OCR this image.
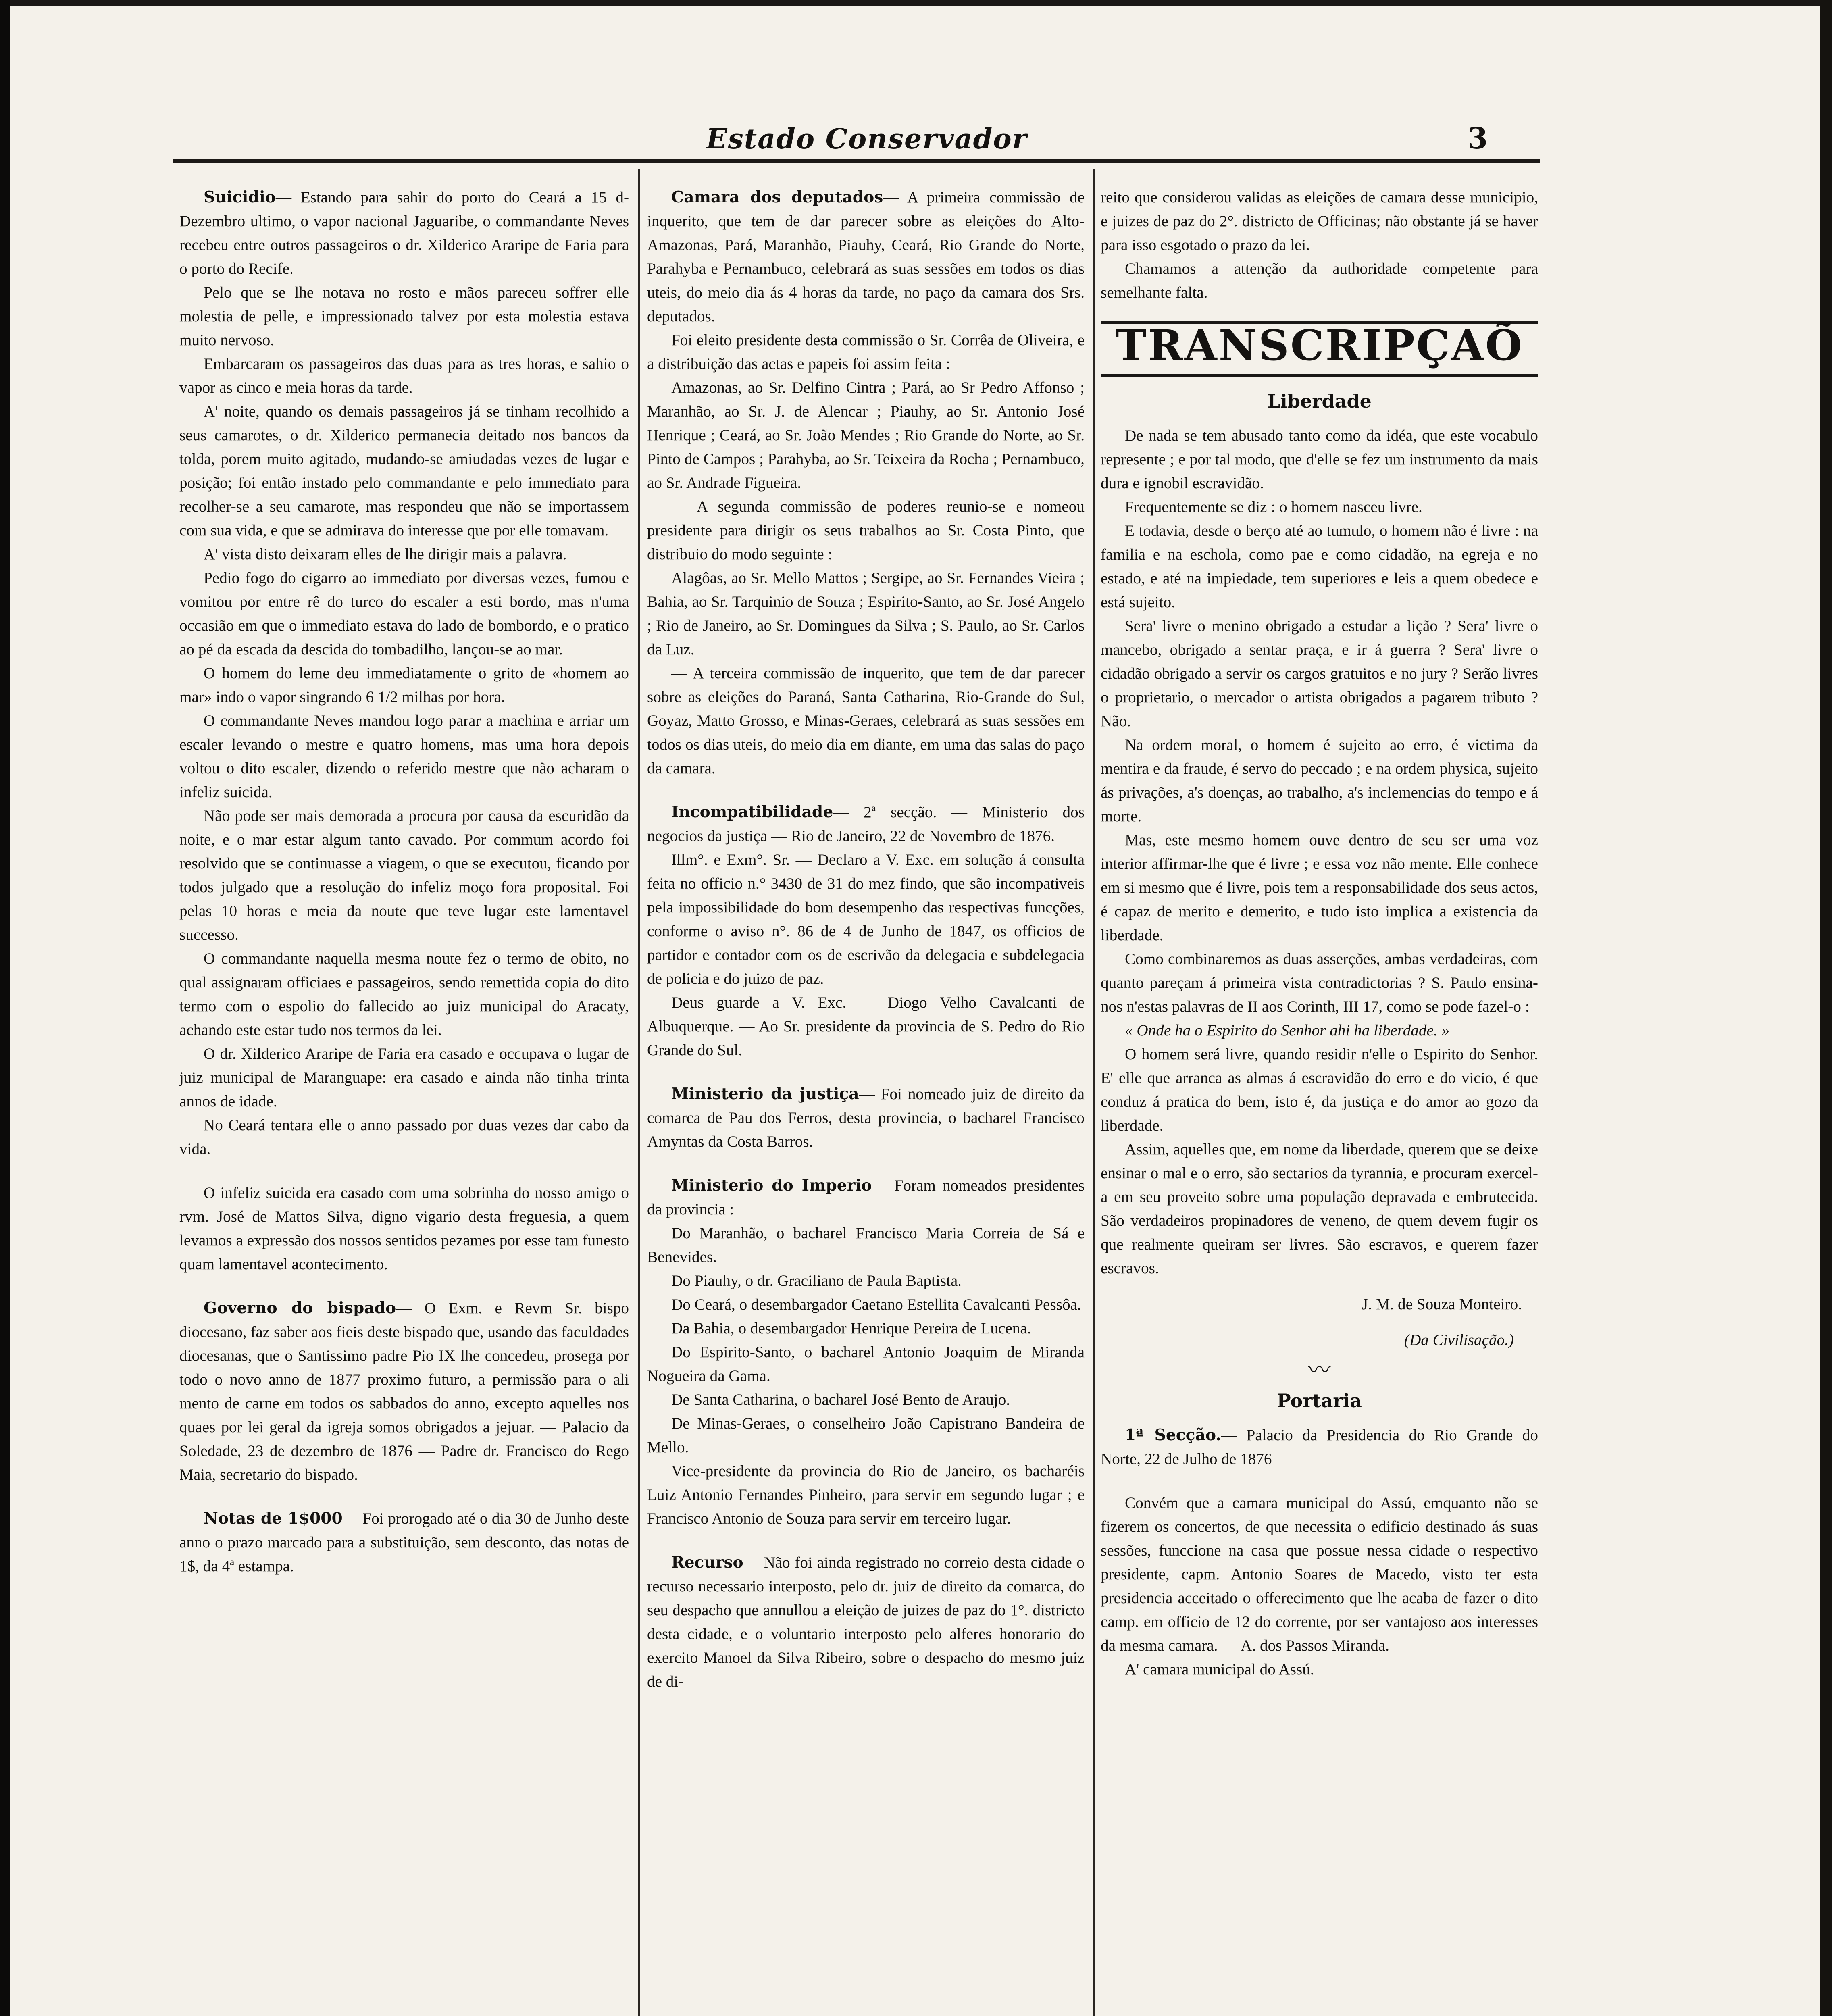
Estado Conservador	3

Suicidio— Estando para sahir do porto do Ceará a 15 d- Dezembro ultimo, o vapor nacional Jaguaribe, o commandante Neves recebeu entre outros passageiros o dr. Xilderico Araripe de Faria para o porto do Recife.

Pelo que se lhe notava no rosto e mãos pareceu soffrer elle molestia de pelle, e impressionado talvez por esta molestia estava muito nervoso.

Embarcaram os passageiros das duas para as tres horas, e sahio o vapor as cinco e meia horas da tarde.

A' noite, quando os demais passageiros já se tinham recolhido a seus camarotes, o dr. Xilderico permanecia deitado nos bancos da tolda, porem muito agitado, mudando-se amiudadas vezes de lugar e posição; foi então instado pelo commandante e pelo immediato para recolher-se a seu camarote, mas respondeu que não se importassem com sua vida, e que se admirava do interesse que por elle tomavam.

A' vista disto deixaram elles de lhe dirigir mais a palavra.

Pedio fogo do cigarro ao immediato por diversas vezes, fumou e vomitou por entre rê do turco do escaler a esti bordo, mas n'uma occasião em que o immediato estava do lado de bombordo, e o pratico ao pé da escada da descida do tombadilho, lançou-se ao mar.

O homem do leme deu immediatamente o grito de «homem ao mar» indo o vapor singrando 6 1/2 milhas por hora.

O commandante Neves mandou logo parar a machina e arriar um escaler levando o mestre e quatro homens, mas uma hora depois voltou o dito escaler, dizendo o referido mestre que não acharam o infeliz suicida.

Não pode ser mais demorada a procura por causa da escuridão da noite, e o mar estar algum tanto cavado. Por commum acordo foi resolvido que se continuasse a viagem, o que se executou, ficando por todos julgado que a resolução do infeliz moço fora proposital. Foi pelas 10 horas e meia da noute que teve lugar este lamentavel successo.

O commandante naquella mesma noute fez o termo de obito, no qual assignaram officiaes e passageiros, sendo remettida copia do dito termo com o espolio do fallecido ao juiz municipal do Aracaty, achando este estar tudo nos termos da lei.

O dr. Xilderico Araripe de Faria era casado e occupava o lugar de juiz municipal de Maranguape: era casado e ainda não tinha trinta annos de idade.

No Ceará tentara elle o anno passado por duas vezes dar cabo da vida.

O infeliz suicida era casado com uma sobrinha do nosso amigo o rvm. José de Mattos Silva, digno vigario desta freguesia, a quem levamos a expressão dos nossos sentidos pezames por esse tam funesto quam lamentavel acontecimento.

Governo do bispado— O Exm. e Revm Sr. bispo diocesano, faz saber aos fieis deste bispado que, usando das faculdades diocesanas, que o Santissimo padre Pio IX lhe concedeu, prosega por todo o novo anno de 1877 proximo futuro, a permissão para o ali mento de carne em todos os sabbados do anno, excepto aquelles nos quaes por lei geral da igreja somos obrigados a jejuar. — Palacio da Soledade, 23 de dezembro de 1876 — Padre dr. Francisco do Rego Maia, secretario do bispado.

Notas de 1$000— Foi prorogado até o dia 30 de Junho deste anno o prazo marcado para a substituição, sem desconto, das notas de 1$, da 4ª estampa.

Camara dos deputados— A primeira commissão de inquerito, que tem de dar parecer sobre as eleições do Alto-Amazonas, Pará, Maranhão, Piauhy, Ceará, Rio Grande do Norte, Parahyba e Pernambuco, celebrará as suas sessões em todos os dias uteis, do meio dia ás 4 horas da tarde, no paço da camara dos Srs. deputados.

Foi eleito presidente desta commissão o Sr. Corrêa de Oliveira, e a distribuição das actas e papeis foi assim feita :

Amazonas, ao Sr. Delfino Cintra ; Pará, ao Sr Pedro Affonso ; Maranhão, ao Sr. J. de Alencar ; Piauhy, ao Sr. Antonio José Henrique ; Ceará, ao Sr. João Mendes ; Rio Grande do Norte, ao Sr. Pinto de Campos ; Parahyba, ao Sr. Teixeira da Rocha ; Pernambuco, ao Sr. Andrade Figueira.

— A segunda commissão de poderes reunio-se e nomeou presidente para dirigir os seus trabalhos ao Sr. Costa Pinto, que distribuio do modo seguinte :

Alagôas, ao Sr. Mello Mattos ; Sergipe, ao Sr. Fernandes Vieira ; Bahia, ao Sr. Tarquinio de Souza ; Espirito-Santo, ao Sr. José Angelo ; Rio de Janeiro, ao Sr. Domingues da Silva ; S. Paulo, ao Sr. Carlos da Luz.

— A terceira commissão de inquerito, que tem de dar parecer sobre as eleições do Paraná, Santa Catharina, Rio-Grande do Sul, Goyaz, Matto Grosso, e Minas-Geraes, celebrará as suas sessões em todos os dias uteis, do meio dia em diante, em uma das salas do paço da camara.

Incompatibilidade— 2ª secção. — Ministerio dos negocios da justiça — Rio de Janeiro, 22 de Novembro de 1876.

Illm°. e Exm°. Sr. — Declaro a V. Exc. em solução á consulta feita no officio n.° 3430 de 31 do mez findo, que são incompativeis pela impossibilidade do bom desempenho das respectivas funcções, conforme o aviso n°. 86 de 4 de Junho de 1847, os officios de partidor e contador com os de escrivão da delegacia e subdelegacia de policia e do juizo de paz.

Deus guarde a V. Exc. — Diogo Velho Cavalcanti de Albuquerque. — Ao Sr. presidente da provincia de S. Pedro do Rio Grande do Sul.

Ministerio da justiça— Foi nomeado juiz de direito da comarca de Pau dos Ferros, desta provincia, o bacharel Francisco Amyntas da Costa Barros.

Ministerio do Imperio— Foram nomeados presidentes da provincia :

Do Maranhão, o bacharel Francisco Maria Correia de Sá e Benevides.

Do Piauhy, o dr. Graciliano de Paula Baptista.

Do Ceará, o desembargador Caetano Estellita Cavalcanti Pessôa.

Da Bahia, o desembargador Henrique Pereira de Lucena.

Do Espirito-Santo, o bacharel Antonio Joaquim de Miranda Nogueira da Gama.

De Santa Catharina, o bacharel José Bento de Araujo.

De Minas-Geraes, o conselheiro João Capistrano Bandeira de Mello.

Vice-presidente da provincia do Rio de Janeiro, os bacharéis Luiz Antonio Fernandes Pinheiro, para servir em segundo lugar ; e Francisco Antonio de Souza para servir em terceiro lugar.

Recurso— Não foi ainda registrado no correio desta cidade o recurso necessario interposto, pelo dr. juiz de direito da comarca, do seu despacho que annullou a eleição de juizes de paz do 1°. districto desta cidade, e o voluntario interposto pelo alferes honorario do exercito Manoel da Silva Ribeiro, sobre o despacho do mesmo juiz de di-

reito que considerou validas as eleições de camara desse municipio, e juizes de paz do 2°. districto de Officinas; não obstante já se haver para isso esgotado o prazo da lei.

Chamamos a attenção da authoridade competente para semelhante falta.

TRANSCRIPÇAÕ
Liberdade

De nada se tem abusado tanto como da idéa, que este vocabulo represente ; e por tal modo, que d'elle se fez um instrumento da mais dura e ignobil escravidão.

Frequentemente se diz : o homem nasceu livre.

E todavia, desde o berço até ao tumulo, o homem não é livre : na familia e na eschola, como pae e como cidadão, na egreja e no estado, e até na impiedade, tem superiores e leis a quem obedece e está sujeito.

Sera' livre o menino obrigado a estudar a lição ? Sera' livre o mancebo, obrigado a sentar praça, e ir á guerra ? Sera' livre o cidadão obrigado a servir os cargos gratuitos e no jury ? Serão livres o proprietario, o mercador o artista obrigados a pagarem tributo ? Não.

Na ordem moral, o homem é sujeito ao erro, é victima da mentira e da fraude, é servo do peccado ; e na ordem physica, sujeito ás privações, a's doenças, ao trabalho, a's inclemencias do tempo e á morte.

Mas, este mesmo homem ouve dentro de seu ser uma voz interior affirmar-lhe que é livre ; e essa voz não mente. Elle conhece em si mesmo que é livre, pois tem a responsabilidade dos seus actos, é capaz de merito e demerito, e tudo isto implica a existencia da liberdade.

Como combinaremos as duas asserções, ambas verdadeiras, com quanto pareçam á primeira vista contradictorias ? S. Paulo ensina-nos n'estas palavras de II aos Corinth, III 17, como se pode fazel-o :

« Onde ha o Espirito do Senhor ahi ha liberdade. »

O homem será livre, quando residir n'elle o Espirito do Senhor. E' elle que arranca as almas á escravidão do erro e do vicio, é que conduz á pratica do bem, isto é, da justiça e do amor ao gozo da liberdade.

Assim, aquelles que, em nome da liberdade, querem que se deixe ensinar o mal e o erro, são sectarios da tyrannia, e procuram exercel-a em seu proveito sobre uma população depravada e embrutecida. São verdadeiros propinadores de veneno, de quem devem fugir os que realmente queiram ser livres. São escravos, e querem fazer escravos.

J. M. de Souza Monteiro.
(Da Civilisação.)
〰
Portaria

1ª Secção.— Palacio da Presidencia do Rio Grande do Norte, 22 de Julho de 1876

Convém que a camara municipal do Assú, emquanto não se fizerem os concertos, de que necessita o edificio destinado ás suas sessões, funccione na casa que possue nessa cidade o respectivo presidente, capm. Antonio Soares de Macedo, visto ter esta presidencia acceitado o offerecimento que lhe acaba de fazer o dito camp. em officio de 12 do corrente, por ser vantajoso aos interesses da mesma camara. — A. dos Passos Miranda.

A' camara municipal do Assú.
